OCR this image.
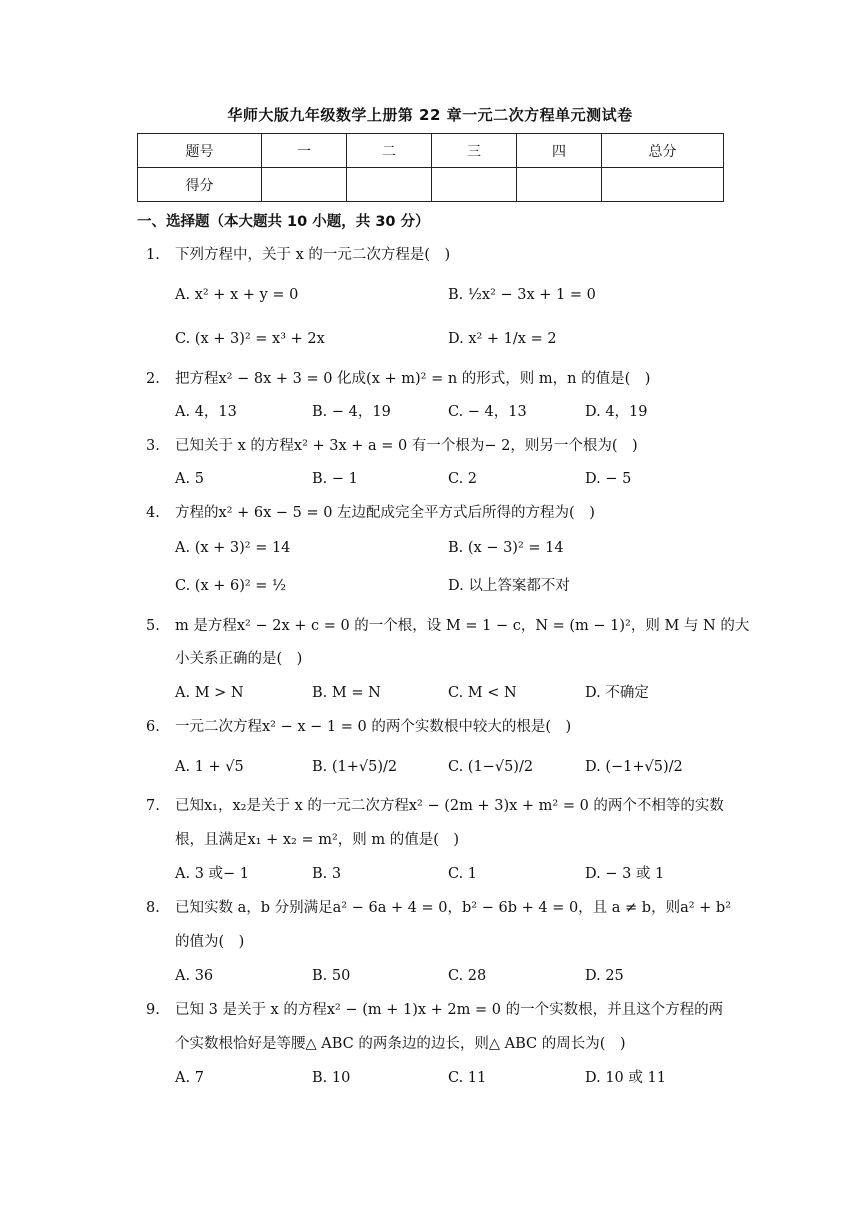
华师大版九年级数学上册第 22 章一元二次方程单元测试卷
题号	一	二	三	四	总分
得分					
一、选择题（本大题共 10 小题，共 30 分）
1. 下列方程中，关于 x 的一元二次方程是(　)
A. x² + x + y = 0	B. ½x² − 3x + 1 = 0
C. (x + 3)² = x³ + 2x	D. x² + 1/x = 2
2. 把方程x² − 8x + 3 = 0 化成(x + m)² = n 的形式，则 m，n 的值是(　)
A. 4，13	B. − 4，19	C. − 4，13	D. 4，19
3. 已知关于 x 的方程x² + 3x + a = 0 有一个根为− 2，则另一个根为(　)
A. 5	B. − 1	C. 2	D. − 5
4. 方程的x² + 6x − 5 = 0 左边配成完全平方式后所得的方程为(　)
A. (x + 3)² = 14	B. (x − 3)² = 14
C. (x + 6)² = ½	D. 以上答案都不对
5. m 是方程x² − 2x + c = 0 的一个根，设 M = 1 − c，N = (m − 1)²，则 M 与 N 的大
小关系正确的是(　)
A. M > N	B. M = N	C. M < N	D. 不确定
6. 一元二次方程x² − x − 1 = 0 的两个实数根中较大的根是(　)
A. 1 + √5	B. (1+√5)/2	C. (1−√5)/2	D. (−1+√5)/2
7. 已知x₁，x₂是关于 x 的一元二次方程x² − (2m + 3)x + m² = 0 的两个不相等的实数
根，且满足x₁ + x₂ = m²，则 m 的值是(　)
A. 3 或− 1	B. 3	C. 1	D. − 3 或 1
8. 已知实数 a，b 分别满足a² − 6a + 4 = 0，b² − 6b + 4 = 0，且 a ≠ b，则a² + b²
的值为(　)
A. 36	B. 50	C. 28	D. 25
9. 已知 3 是关于 x 的方程x² − (m + 1)x + 2m = 0 的一个实数根，并且这个方程的两
个实数根恰好是等腰△ ABC 的两条边的边长，则△ ABC 的周长为(　)
A. 7	B. 10	C. 11	D. 10 或 11
